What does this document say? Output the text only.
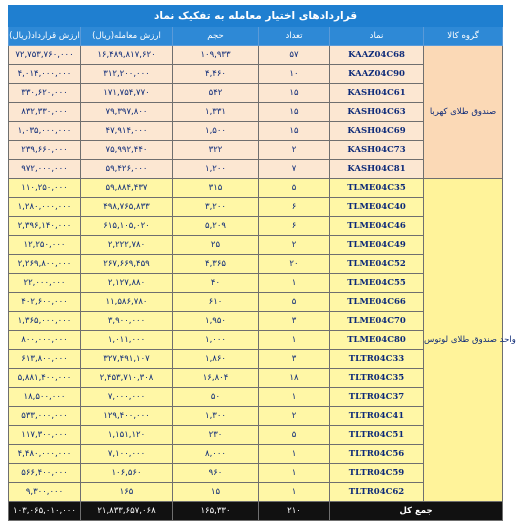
قراردادهای اختیار معامله به تفکیک نماد					
ارزش قرارداد(ریال)	ارزش معامله(ریال)	حجم	تعداد	نماد	گروه کالا
۷۲,۷۵۳,۷۶۰,۰۰۰	۱۶,۴۸۹,۸۱۷,۶۲۰	۱۰۹,۹۳۳	۵۷	KAAZ04C68	صندوق طلای کهربا
۴,۰۱۴,۰۰۰,۰۰۰	۳۱۲,۲۰۰,۰۰۰	۴,۴۶۰	۱۰	KAAZ04C90	
۳۳۰,۶۲۰,۰۰۰	۱۷۱,۷۵۴,۷۷۰	۵۴۲	۱۵	KASH04C61	
۸۳۲,۳۳۰,۰۰۰	۷۹,۳۹۷,۸۰۰	۱,۳۳۱	۱۵	KASH04C63	
۱,۰۳۵,۰۰۰,۰۰۰	۴۷,۹۱۴,۰۰۰	۱,۵۰۰	۱۵	KASH04C69	
۲۳۹,۶۶۰,۰۰۰	۷۵,۹۹۲,۴۴۰	۳۲۲	۲	KASH04C73	
۹۷۲,۰۰۰,۰۰۰	۵۹,۴۲۶,۰۰۰	۱,۲۰۰	۷	KASH04C81	
۱۱۰,۲۵۰,۰۰۰	۵۹,۸۸۴,۴۳۷	۳۱۵	۵	TLME04C35	واحد صندوق طلای لوتوس
۱,۲۸۰,۰۰۰,۰۰۰	۴۹۸,۷۶۵,۸۳۳	۳,۲۰۰	۶	TLME04C40	
۲,۳۹۶,۱۴۰,۰۰۰	۶۱۵,۱۰۵,۰۲۰	۵,۲۰۹	۶	TLME04C46	
۱۲,۲۵۰,۰۰۰	۲,۲۲۲,۷۸۰	۲۵	۲	TLME04C49	
۲,۲۶۹,۸۰۰,۰۰۰	۲۶۷,۶۶۹,۴۵۹	۴,۳۶۵	۲۰	TLME04C52	
۲۲,۰۰۰,۰۰۰	۲,۱۲۷,۸۸۰	۴۰	۱	TLME04C55	
۴۰۲,۶۰۰,۰۰۰	۱۱,۵۸۶,۷۸۰	۶۱۰	۵	TLME04C66	
۱,۳۶۵,۰۰۰,۰۰۰	۳,۹۰۰,۰۰۰	۱,۹۵۰	۳	TLME04C70	
۸۰۰,۰۰۰,۰۰۰	۱,۰۱۱,۰۰۰	۱,۰۰۰	۱	TLME04C80	
۶۱۳,۸۰۰,۰۰۰	۳۲۷,۴۹۱,۱۰۷	۱,۸۶۰	۳	TLTR04C33	
۵,۸۸۱,۴۰۰,۰۰۰	۲,۴۵۳,۷۱۰,۳۰۸	۱۶,۸۰۴	۱۸	TLTR04C35	
۱۸,۵۰۰,۰۰۰	۷,۰۰۰,۰۰۰	۵۰	۱	TLTR04C37	
۵۳۳,۰۰۰,۰۰۰	۱۲۹,۴۰۰,۰۰۰	۱,۳۰۰	۲	TLTR04C41	
۱۱۷,۳۰۰,۰۰۰	۱,۱۵۱,۱۲۰	۲۳۰	۵	TLTR04C51	
۴,۴۸۰,۰۰۰,۰۰۰	۷,۱۰۰,۰۰۰	۸,۰۰۰	۱	TLTR04C56	
۵۶۶,۴۰۰,۰۰۰	۱۰۶,۵۶۰	۹۶۰	۱	TLTR04C59	
۹,۳۰۰,۰۰۰	۱۶۵	۱۵	۱	TLTR04C62	
۱۰۳,۰۶۵,۰۱۰,۰۰۰	۲۱,۸۳۳,۶۵۷,۰۶۸	۱۶۵,۳۳۰	۲۱۰	جمع کل	
